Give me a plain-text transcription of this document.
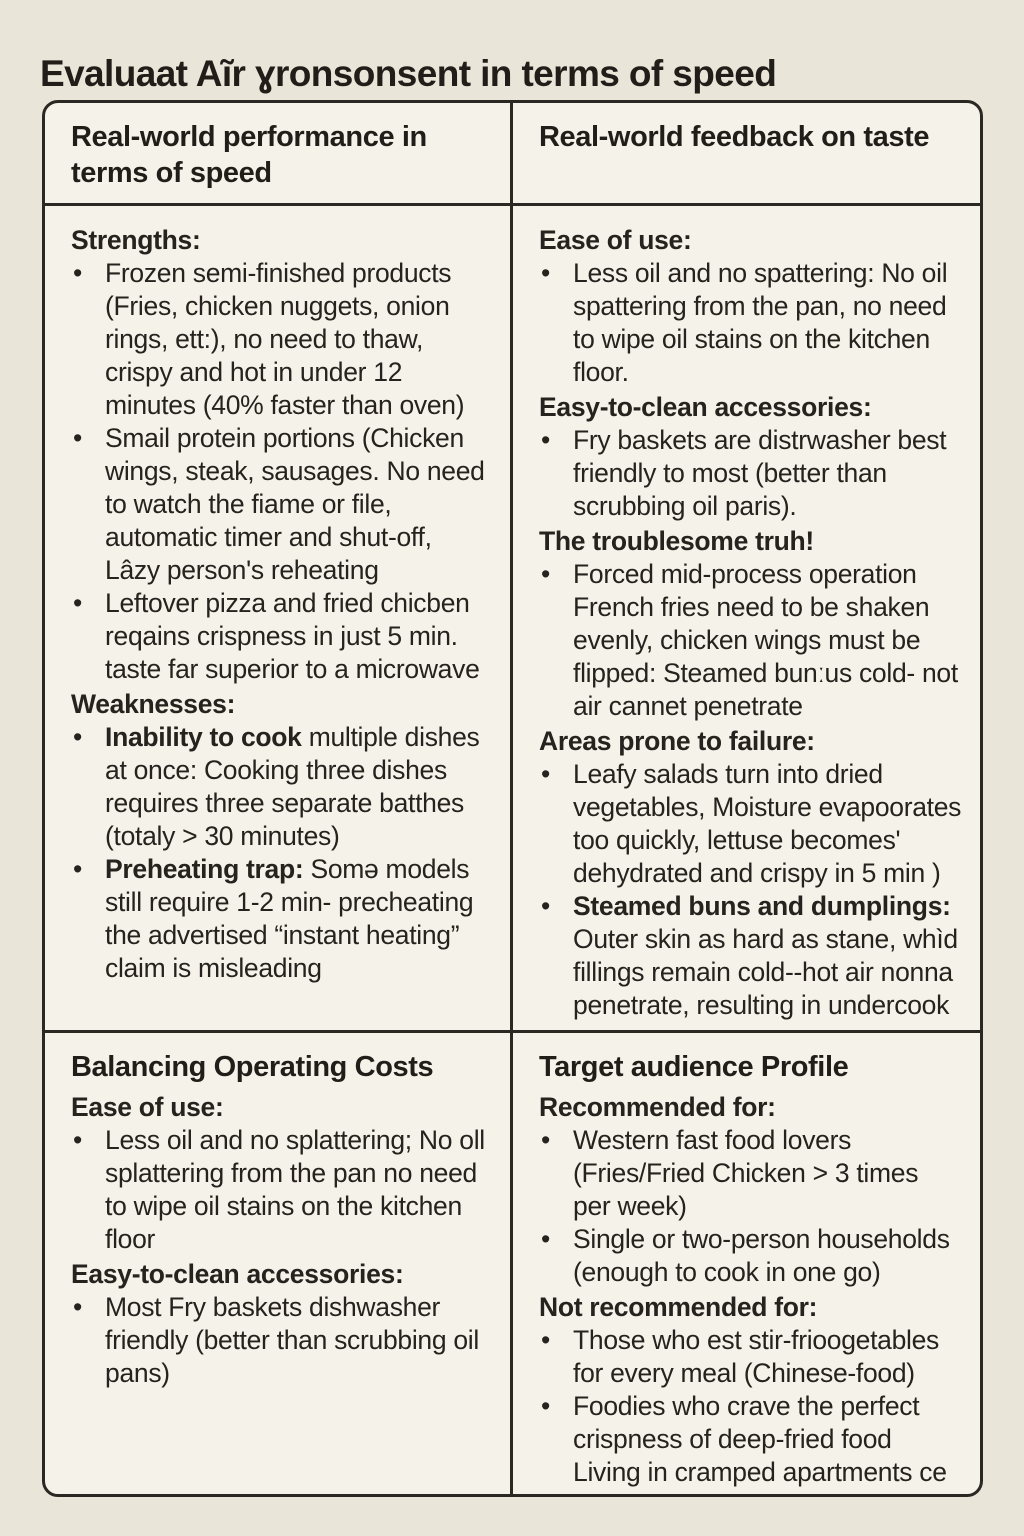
Evaluaat Aĩr ɣronsonsent in terms of speed
Real-world performance in terms of speed
Real-world feedback on taste
Strengths:
• Frozen semi-finished products (Fries, chicken nuggets, onion rings, ett:), no need to thaw, crispy and hot in under 12 minutes (40% faster than oven)
• Smail protein portions (Chicken wings, steak, sausages. No need to watch the fiame or file, automatic timer and shut-off, Lâzy person's reheating
• Leftover pizza and fried chicben reqains crispness in just 5 min. taste far superior to a microwave
Weaknesses:
• Inability to cook multiple dishes at once: Cooking three dishes requires three separate batthes (totaly > 30 minutes)
• Preheating trap: Somǝ models still require 1-2 min- precheating the advertised “instant heating” claim is misleading
Ease of use:
• Less oil and no spattering: No oil spattering from the pan, no need to wipe oil stains on the kitchen floor.
Easy-to-clean accessories:
• Fry baskets are distrwasher best friendly to most (better than scrubbing oil paris).
The troublesome truh!
• Forced mid-process operation French fries need to be shaken evenly, chicken wings must be flipped: Steamed bunːus cold- not air cannet penetrate
Areas prone to failure:
• Leafy salads turn into dried vegetables, Moisture evapoorates too quickly, lettuse becomes' dehydrated and crispy in 5 min )
• Steamed buns and dumplings: Outer skin as hard as stane, whìd fillings remain cold--hot air nonna penetrate, resulting in undercook
Balancing Operating Costs
Ease of use:
• Less oil and no splattering; No oll splattering from the pan no need to wipe oil stains on the kitchen floor
Easy-to-clean accessories:
• Most Fry baskets dishwasher friendly (better than scrubbing oil pans)
Target audience Profile
Recommended for:
• Western fast food lovers (Fries/Fried Chicken > 3 times per week)
• Single or two-person households (enough to cook in one go)
Not recommended for:
• Those who est stir-frioogetables for every meal (Chinese-food)
• Foodies who crave the perfect crispness of deep-fried food Living in cramped apartments ce
